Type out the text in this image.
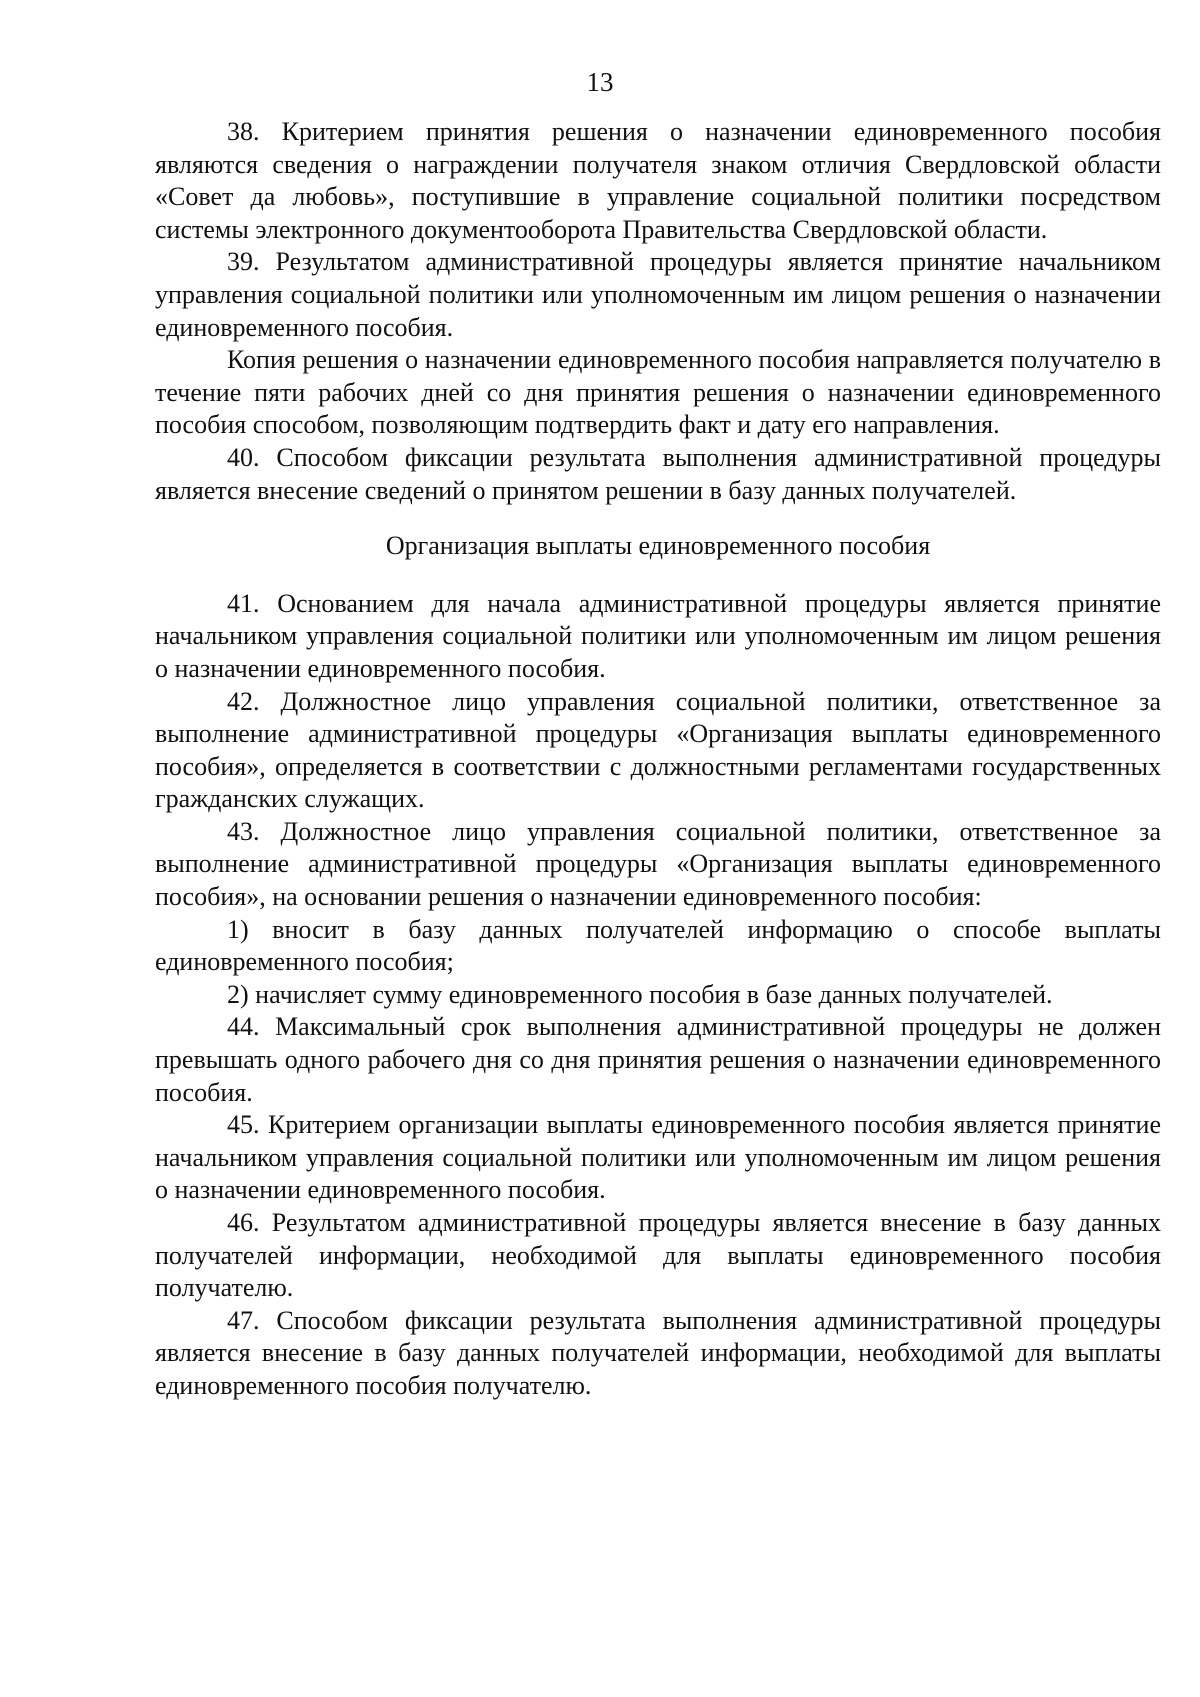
13

38. Критерием принятия решения о назначении единовременного пособия являются сведения о награждении получателя знаком отличия Свердловской области «Совет да любовь», поступившие в управление социальной политики посредством системы электронного документооборота Правительства Свердловской области.

39. Результатом административной процедуры является принятие начальником управления социальной политики или уполномоченным им лицом решения о назначении единовременного пособия.

Копия решения о назначении единовременного пособия направляется получателю в течение пяти рабочих дней со дня принятия решения о назначении единовременного пособия способом, позволяющим подтвердить факт и дату его направления.

40. Способом фиксации результата выполнения административной процедуры является внесение сведений о принятом решении в базу данных получателей.

Организация выплаты единовременного пособия

41. Основанием для начала административной процедуры является принятие начальником управления социальной политики или уполномоченным им лицом решения о назначении единовременного пособия.

42. Должностное лицо управления социальной политики, ответственное за выполнение административной процедуры «Организация выплаты единовременного пособия», определяется в соответствии с должностными регламентами государственных гражданских служащих.

43. Должностное лицо управления социальной политики, ответственное за выполнение административной процедуры «Организация выплаты единовременного пособия», на основании решения о назначении единовременного пособия:

1) вносит в базу данных получателей информацию о способе выплаты единовременного пособия;

2) начисляет сумму единовременного пособия в базе данных получателей.

44. Максимальный срок выполнения административной процедуры не должен превышать одного рабочего дня со дня принятия решения о назначении единовременного пособия.

45. Критерием организации выплаты единовременного пособия является принятие начальником управления социальной политики или уполномоченным им лицом решения о назначении единовременного пособия.

46. Результатом административной процедуры является внесение в базу данных получателей информации, необходимой для выплаты единовременного пособия получателю.

47. Способом фиксации результата выполнения административной процедуры является внесение в базу данных получателей информации, необходимой для выплаты единовременного пособия получателю.
